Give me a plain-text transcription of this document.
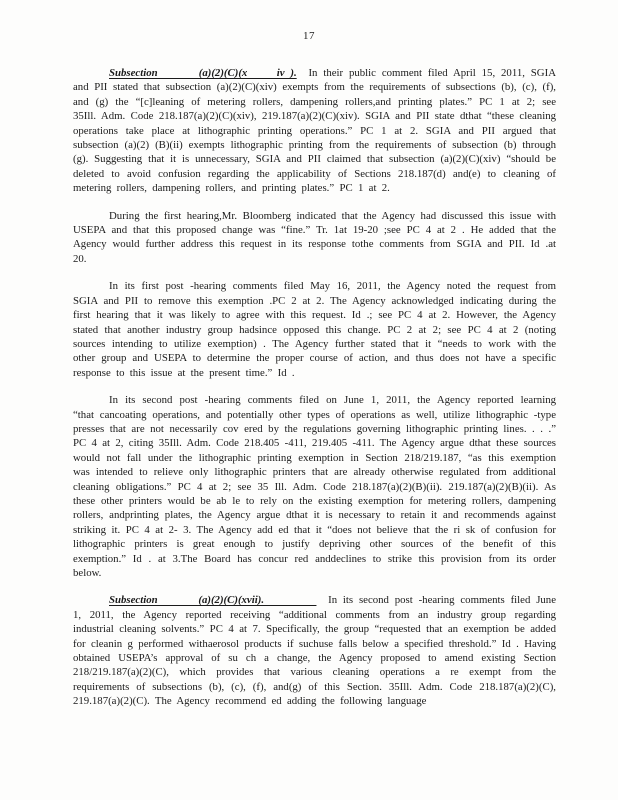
17

Subsection       (a)(2)(C)(x     iv ). In their public comment filed April 15, 2011, SGIA and PII stated that subsection (a)(2)(C)(xiv) exempts from the requirements of subsections (b), (c), (f), and (g) the “[c]leaning of metering rollers, dampening rollers,and printing plates.” PC 1 at 2; see 35Ill. Adm. Code 218.187(a)(2)(C)(xiv), 219.187(a)(2)(C)(xiv). SGIA and PII state dthat “these cleaning operations take place at lithographic printing operations.” PC 1 at 2. SGIA and PII argued that subsection (a)(2) (B)(ii) exempts lithographic printing from the requirements of subsection (b) through (g). Suggesting that it is unnecessary, SGIA and PII claimed that subsection (a)(2)(C)(xiv) “should be deleted to avoid confusion regarding the applicability of Sections 218.187(d) and(e) to cleaning of metering rollers, dampening rollers, and printing plates.” PC 1 at 2.

During the first hearing,Mr. Bloomberg indicated that the Agency had discussed this issue with USEPA and that this proposed change was “fine.” Tr. 1at 19-20 ;see PC 4 at 2 . He added that the Agency would further address this request in its response tothe comments from SGIA and PII. Id .at 20.

In its first post -hearing comments filed May 16, 2011, the Agency noted the request from SGIA and PII to remove this exemption .PC 2 at 2. The Agency acknowledged indicating during the first hearing that it was likely to agree with this request. Id .; see PC 4 at 2. However, the Agency stated that another industry group hadsince opposed this change. PC 2 at 2; see PC 4 at 2 (noting sources intending to utilize exemption) . The Agency further stated that it “needs to work with the other group and USEPA to determine the proper course of action, and thus does not have a specific response to this issue at the present time.” Id .

In its second post -hearing comments filed on June 1, 2011, the Agency reported learning “that cancoating operations, and potentially other types of operations as well, utilize lithographic -type presses that are not necessarily cov ered by the regulations governing lithographic printing lines. . . .” PC 4 at 2, citing 35Ill. Adm. Code 218.405 -411, 219.405 -411. The Agency argue dthat these sources would not fall under the lithographic printing exemption in Section 218/219.187, “as this exemption was intended to relieve only lithographic printers that are already otherwise regulated from additional cleaning obligations.” PC 4 at 2; see 35 Ill. Adm. Code 218.187(a)(2)(B)(ii). 219.187(a)(2)(B)(ii). As these other printers would be ab le to rely on the existing exemption for metering rollers, dampening rollers, andprinting plates, the Agency argue dthat it is necessary to retain it and recommends against striking it. PC 4 at 2- 3. The Agency add ed that it “does not believe that the ri sk of confusion for lithographic printers is great enough to justify depriving other sources of the benefit of this exemption.” Id . at 3.The Board has concur red anddeclines to strike this provision from its order below.

Subsection       (a)(2)(C)(xvii).           In its second post -hearing comments filed June 1, 2011, the Agency reported receiving “additional comments from an industry group regarding industrial cleaning solvents.” PC 4 at 7. Specifically, the group “requested that an exemption be added for cleanin g performed withaerosol products if suchuse falls below a specified threshold.” Id . Having obtained USEPA’s approval of su ch a change, the Agency proposed to amend existing Section 218/219.187(a)(2)(C), which provides that various cleaning operations a re exempt from the requirements of subsections (b), (c), (f), and(g) of this Section. 35Ill. Adm. Code 218.187(a)(2)(C), 219.187(a)(2)(C). The Agency recommend ed adding the following language
